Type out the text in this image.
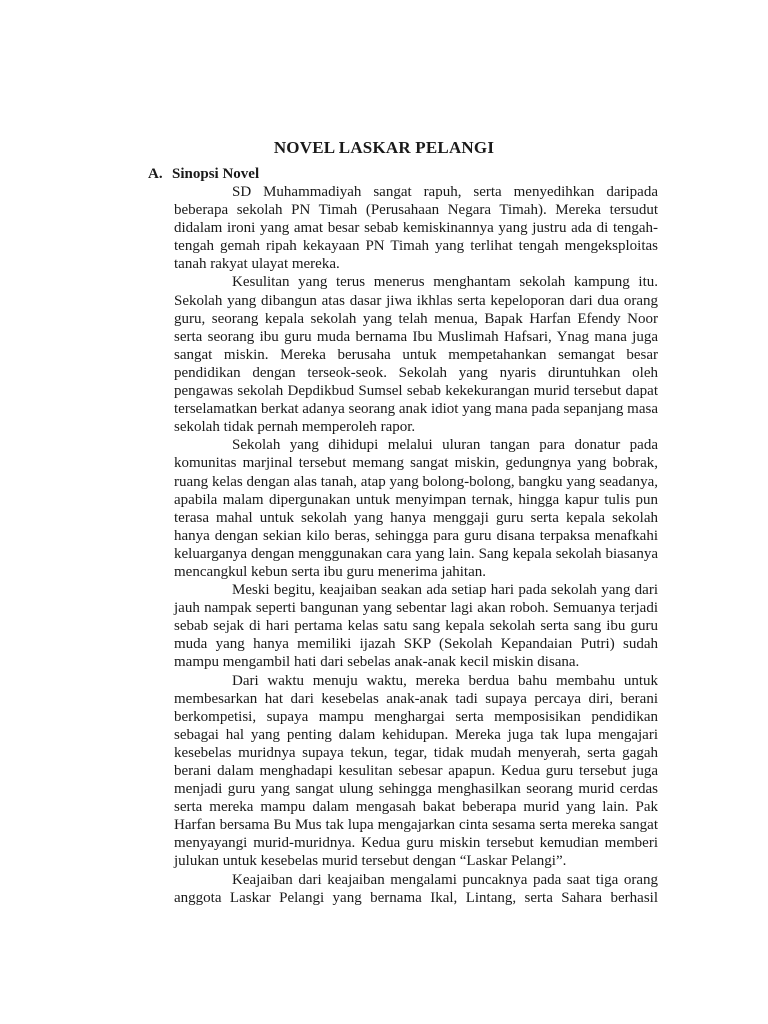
NOVEL LASKAR PELANGI
A. Sinopsi Novel

SD Muhammadiyah sangat rapuh, serta menyedihkan daripada beberapa sekolah PN Timah (Perusahaan Negara Timah). Mereka tersudut didalam ironi yang amat besar sebab kemiskinannya yang justru ada di tengah-tengah gemah ripah kekayaan PN Timah yang terlihat tengah mengeksploitas tanah rakyat ulayat mereka.

Kesulitan yang terus menerus menghantam sekolah kampung itu. Sekolah yang dibangun atas dasar jiwa ikhlas serta kepeloporan dari dua orang guru, seorang kepala sekolah yang telah menua, Bapak Harfan Efendy Noor serta seorang ibu guru muda bernama Ibu Muslimah Hafsari, Ynag mana juga sangat miskin. Mereka berusaha untuk mempetahankan semangat besar pendidikan dengan terseok-seok. Sekolah yang nyaris diruntuhkan oleh pengawas sekolah Depdikbud Sumsel sebab kekekurangan murid tersebut dapat terselamatkan berkat adanya seorang anak idiot yang mana pada sepanjang masa sekolah tidak pernah memperoleh rapor.

Sekolah yang dihidupi melalui uluran tangan para donatur pada komunitas marjinal tersebut memang sangat miskin, gedungnya yang bobrak, ruang kelas dengan alas tanah, atap yang bolong-bolong, bangku yang seadanya, apabila malam dipergunakan untuk menyimpan ternak, hingga kapur tulis pun terasa mahal untuk sekolah yang hanya menggaji guru serta kepala sekolah hanya dengan sekian kilo beras, sehingga para guru disana terpaksa menafkahi keluarganya dengan menggunakan cara yang lain. Sang kepala sekolah biasanya mencangkul kebun serta ibu guru menerima jahitan.

Meski begitu, keajaiban seakan ada setiap hari pada sekolah yang dari jauh nampak seperti bangunan yang sebentar lagi akan roboh. Semuanya terjadi sebab sejak di hari pertama kelas satu sang kepala sekolah serta sang ibu guru muda yang hanya memiliki ijazah SKP (Sekolah Kepandaian Putri) sudah mampu mengambil hati dari sebelas anak-anak kecil miskin disana.

Dari waktu menuju waktu, mereka berdua bahu membahu untuk membesarkan hat dari kesebelas anak-anak tadi supaya percaya diri, berani berkompetisi, supaya mampu menghargai serta memposisikan pendidikan sebagai hal yang penting dalam kehidupan. Mereka juga tak lupa mengajari kesebelas muridnya supaya tekun, tegar, tidak mudah menyerah, serta gagah berani dalam menghadapi kesulitan sebesar apapun. Kedua guru tersebut juga menjadi guru yang sangat ulung sehingga menghasilkan seorang murid cerdas serta mereka mampu dalam mengasah bakat beberapa murid yang lain. Pak Harfan bersama Bu Mus tak lupa mengajarkan cinta sesama serta mereka sangat menyayangi murid-muridnya. Kedua guru miskin tersebut kemudian memberi julukan untuk kesebelas murid tersebut dengan “Laskar Pelangi”.

Keajaiban dari keajaiban mengalami puncaknya pada saat tiga orang anggota Laskar Pelangi yang bernama Ikal, Lintang, serta Sahara berhasil
